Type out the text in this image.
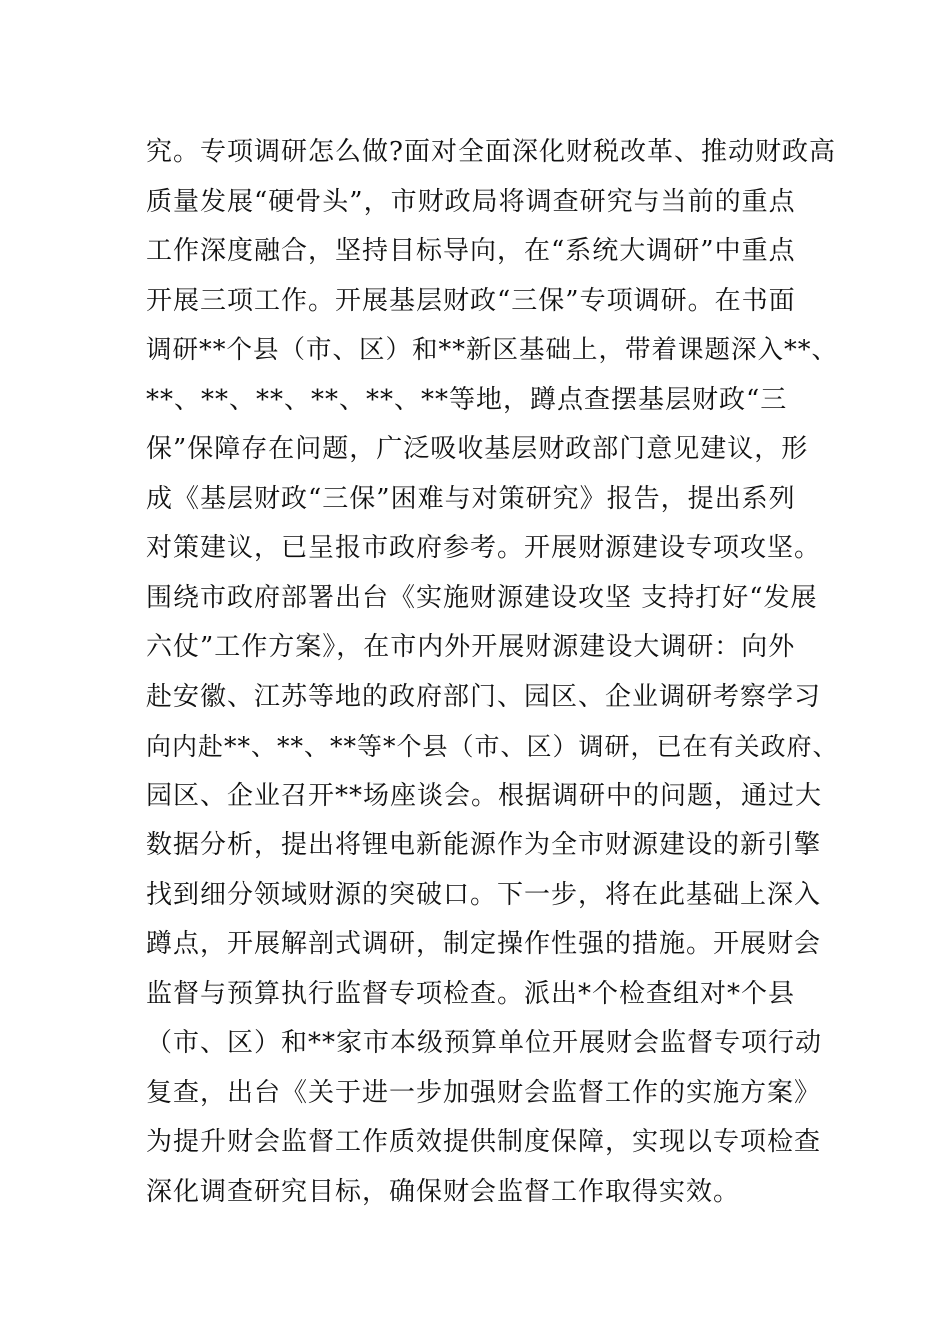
究。专项调研怎么做?面对全面深化财税改革、推动财政高
质量发展“硬骨头”，市财政局将调查研究与当前的重点
工作深度融合，坚持目标导向，在“系统大调研”中重点
开展三项工作。开展基层财政“三保”专项调研。在书面
调研**个县（市、区）和**新区基础上，带着课题深入**、
**、**、**、**、**、**等地，蹲点查摆基层财政“三
保”保障存在问题，广泛吸收基层财政部门意见建议，形
成《基层财政“三保”困难与对策研究》报告，提出系列
对策建议，已呈报市政府参考。开展财源建设专项攻坚。
围绕市政府部署出台《实施财源建设攻坚 支持打好“发展
六仗”工作方案》，在市内外开展财源建设大调研：向外
赴安徽、江苏等地的政府部门、园区、企业调研考察学习
向内赴**、**、**等*个县（市、区）调研，已在有关政府、
园区、企业召开**场座谈会。根据调研中的问题，通过大
数据分析，提出将锂电新能源作为全市财源建设的新引擎
找到细分领域财源的突破口。下一步，将在此基础上深入
蹲点，开展解剖式调研，制定操作性强的措施。开展财会
监督与预算执行监督专项检查。派出*个检查组对*个县
（市、区）和**家市本级预算单位开展财会监督专项行动
复查，出台《关于进一步加强财会监督工作的实施方案》
为提升财会监督工作质效提供制度保障，实现以专项检查
深化调查研究目标，确保财会监督工作取得实效。
